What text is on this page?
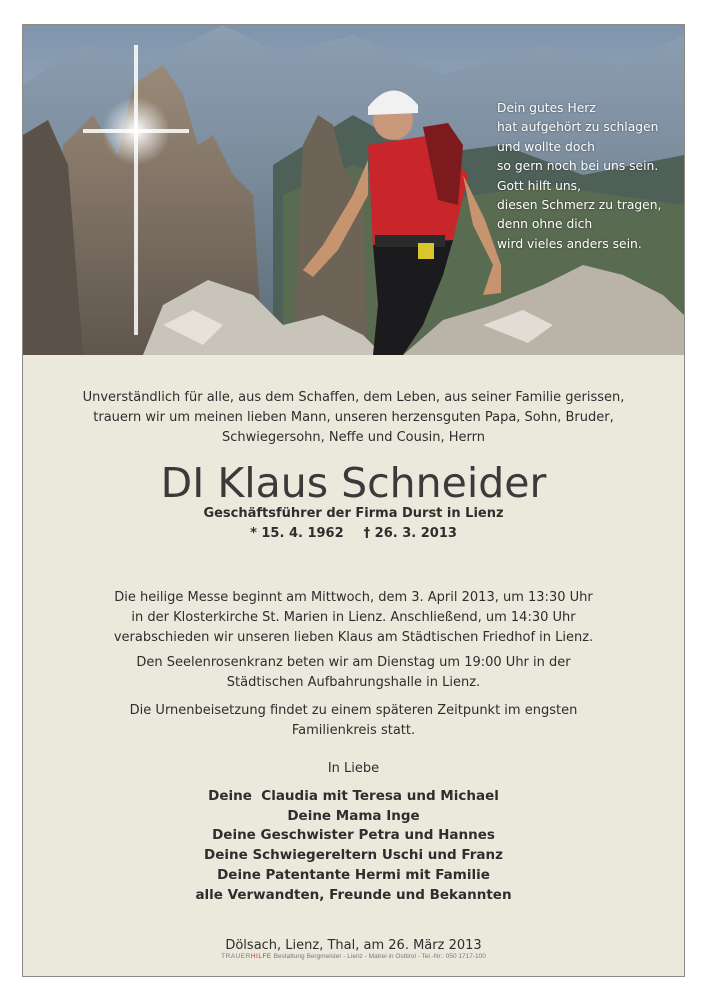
Dein gutes Herz
hat aufgehört zu schlagen
und wollte doch
so gern noch bei uns sein.
Gott hilft uns,
diesen Schmerz zu tragen,
denn ohne dich
wird vieles anders sein.
Unverständlich für alle, aus dem Schaffen, dem Leben, aus seiner Familie gerissen,
trauern wir um meinen lieben Mann, unseren herzensguten Papa, Sohn, Bruder,
Schwiegersohn, Neffe und Cousin, Herrn
DI Klaus Schneider
Geschäftsführer der Firma Durst in Lienz
* 15. 4. 1962 † 26. 3. 2013
Die heilige Messe beginnt am Mittwoch, dem 3. April 2013, um 13:30 Uhr
in der Klosterkirche St. Marien in Lienz. Anschließend, um 14:30 Uhr
verabschieden wir unseren lieben Klaus am Städtischen Friedhof in Lienz.
Den Seelenrosenkranz beten wir am Dienstag um 19:00 Uhr in der
Städtischen Aufbahrungshalle in Lienz.
Die Urnenbeisetzung findet zu einem späteren Zeitpunkt im engsten
Familienkreis statt.
In Liebe
Deine  Claudia mit Teresa und Michael
Deine Mama Inge
Deine Geschwister Petra und Hannes
Deine Schwiegereltern Uschi und Franz
Deine Patentante Hermi mit Familie
alle Verwandten, Freunde und Bekannten
Dölsach, Lienz, Thal, am 26. März 2013
TRAUERHILFE Bestattung Bergmeister - Lienz - Matrei in Osttirol - Tel.-Nr.: 050 1717-100
